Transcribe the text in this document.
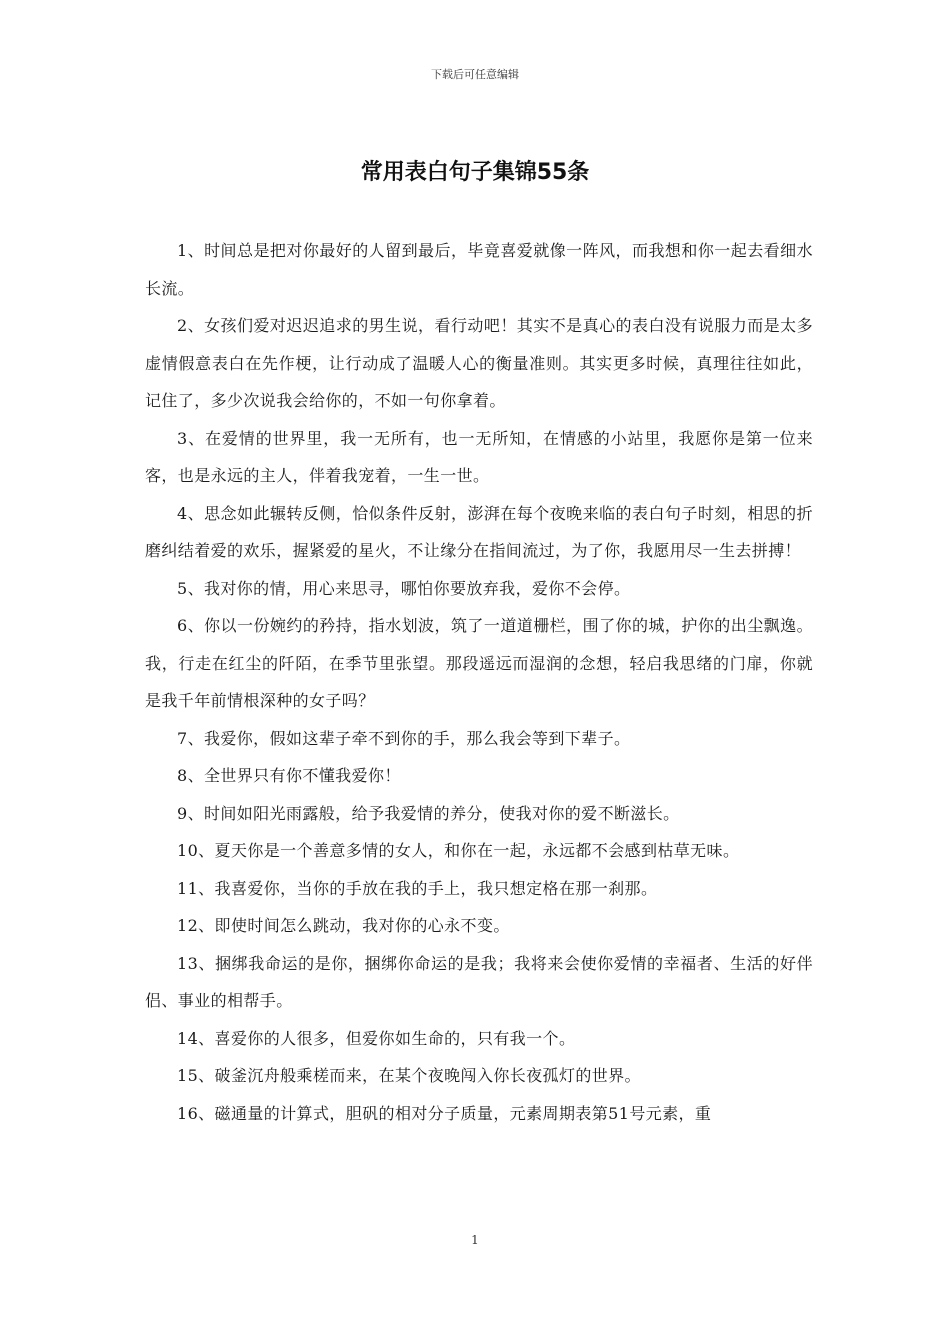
下载后可任意编辑
常用表白句子集锦55条

1、时间总是把对你最好的人留到最后，毕竟喜爱就像一阵风，而我想和你一起去看细水长流。

2、女孩们爱对迟迟追求的男生说，看行动吧！其实不是真心的表白没有说服力而是太多虚情假意表白在先作梗，让行动成了温暖人心的衡量准则。其实更多时候，真理往往如此，记住了，多少次说我会给你的，不如一句你拿着。

3、在爱情的世界里，我一无所有，也一无所知，在情感的小站里，我愿你是第一位来客，也是永远的主人，伴着我宠着，一生一世。

4、思念如此辗转反侧，恰似条件反射，澎湃在每个夜晚来临的表白句子时刻，相思的折磨纠结着爱的欢乐，握紧爱的星火，不让缘分在指间流过，为了你，我愿用尽一生去拼搏！

5、我对你的情，用心来思寻，哪怕你要放弃我，爱你不会停。

6、你以一份婉约的矜持，指水划波，筑了一道道栅栏，围了你的城，护你的出尘飘逸。我，行走在红尘的阡陌，在季节里张望。那段遥远而湿润的念想，轻启我思绪的门扉，你就是我千年前情根深种的女子吗？

7、我爱你，假如这辈子牵不到你的手，那么我会等到下辈子。

8、全世界只有你不懂我爱你！

9、时间如阳光雨露般，给予我爱情的养分，使我对你的爱不断滋长。

10、夏天你是一个善意多情的女人，和你在一起，永远都不会感到枯草无味。

11、我喜爱你，当你的手放在我的手上，我只想定格在那一刹那。

12、即使时间怎么跳动，我对你的心永不变。

13、捆绑我命运的是你，捆绑你命运的是我；我将来会使你爱情的幸福者、生活的好伴侣、事业的相帮手。

14、喜爱你的人很多，但爱你如生命的，只有我一个。

15、破釜沉舟般乘槎而来，在某个夜晚闯入你长夜孤灯的世界。

16、磁通量的计算式，胆矾的相对分子质量，元素周期表第51号元素，重

1
